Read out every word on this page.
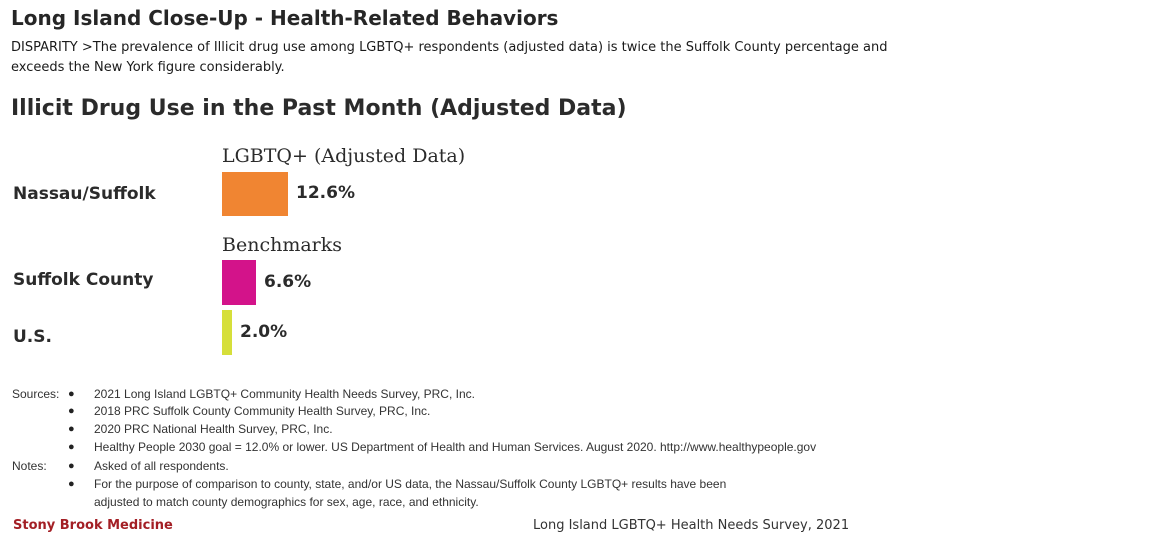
Long Island Close-Up - Health-Related Behaviors
DISPARITY >The prevalence of Illicit drug use among LGBTQ+ respondents (adjusted data) is twice the Suffolk County percentage and exceeds the New York figure considerably.
Illicit Drug Use in the Past Month (Adjusted Data)
LGBTQ+ (Adjusted Data)
Benchmarks
Nassau/Suffolk	12.6%
Suffolk County	6.6%
U.S.	2.0%
Sources: ● 2021 Long Island LGBTQ+ Community Health Needs Survey, PRC, Inc.
● 2018 PRC Suffolk County Community Health Survey, PRC, Inc.
● 2020 PRC National Health Survey, PRC, Inc.
● Healthy People 2030 goal = 12.0% or lower. US Department of Health and Human Services. August 2020. http://www.healthypeople.gov
Notes: ● Asked of all respondents.
● For the purpose of comparison to county, state, and/or US data, the Nassau/Suffolk County LGBTQ+ results have been
adjusted to match county demographics for sex, age, race, and ethnicity.
Stony Brook Medicine	Long Island LGBTQ+ Health Needs Survey, 2021
